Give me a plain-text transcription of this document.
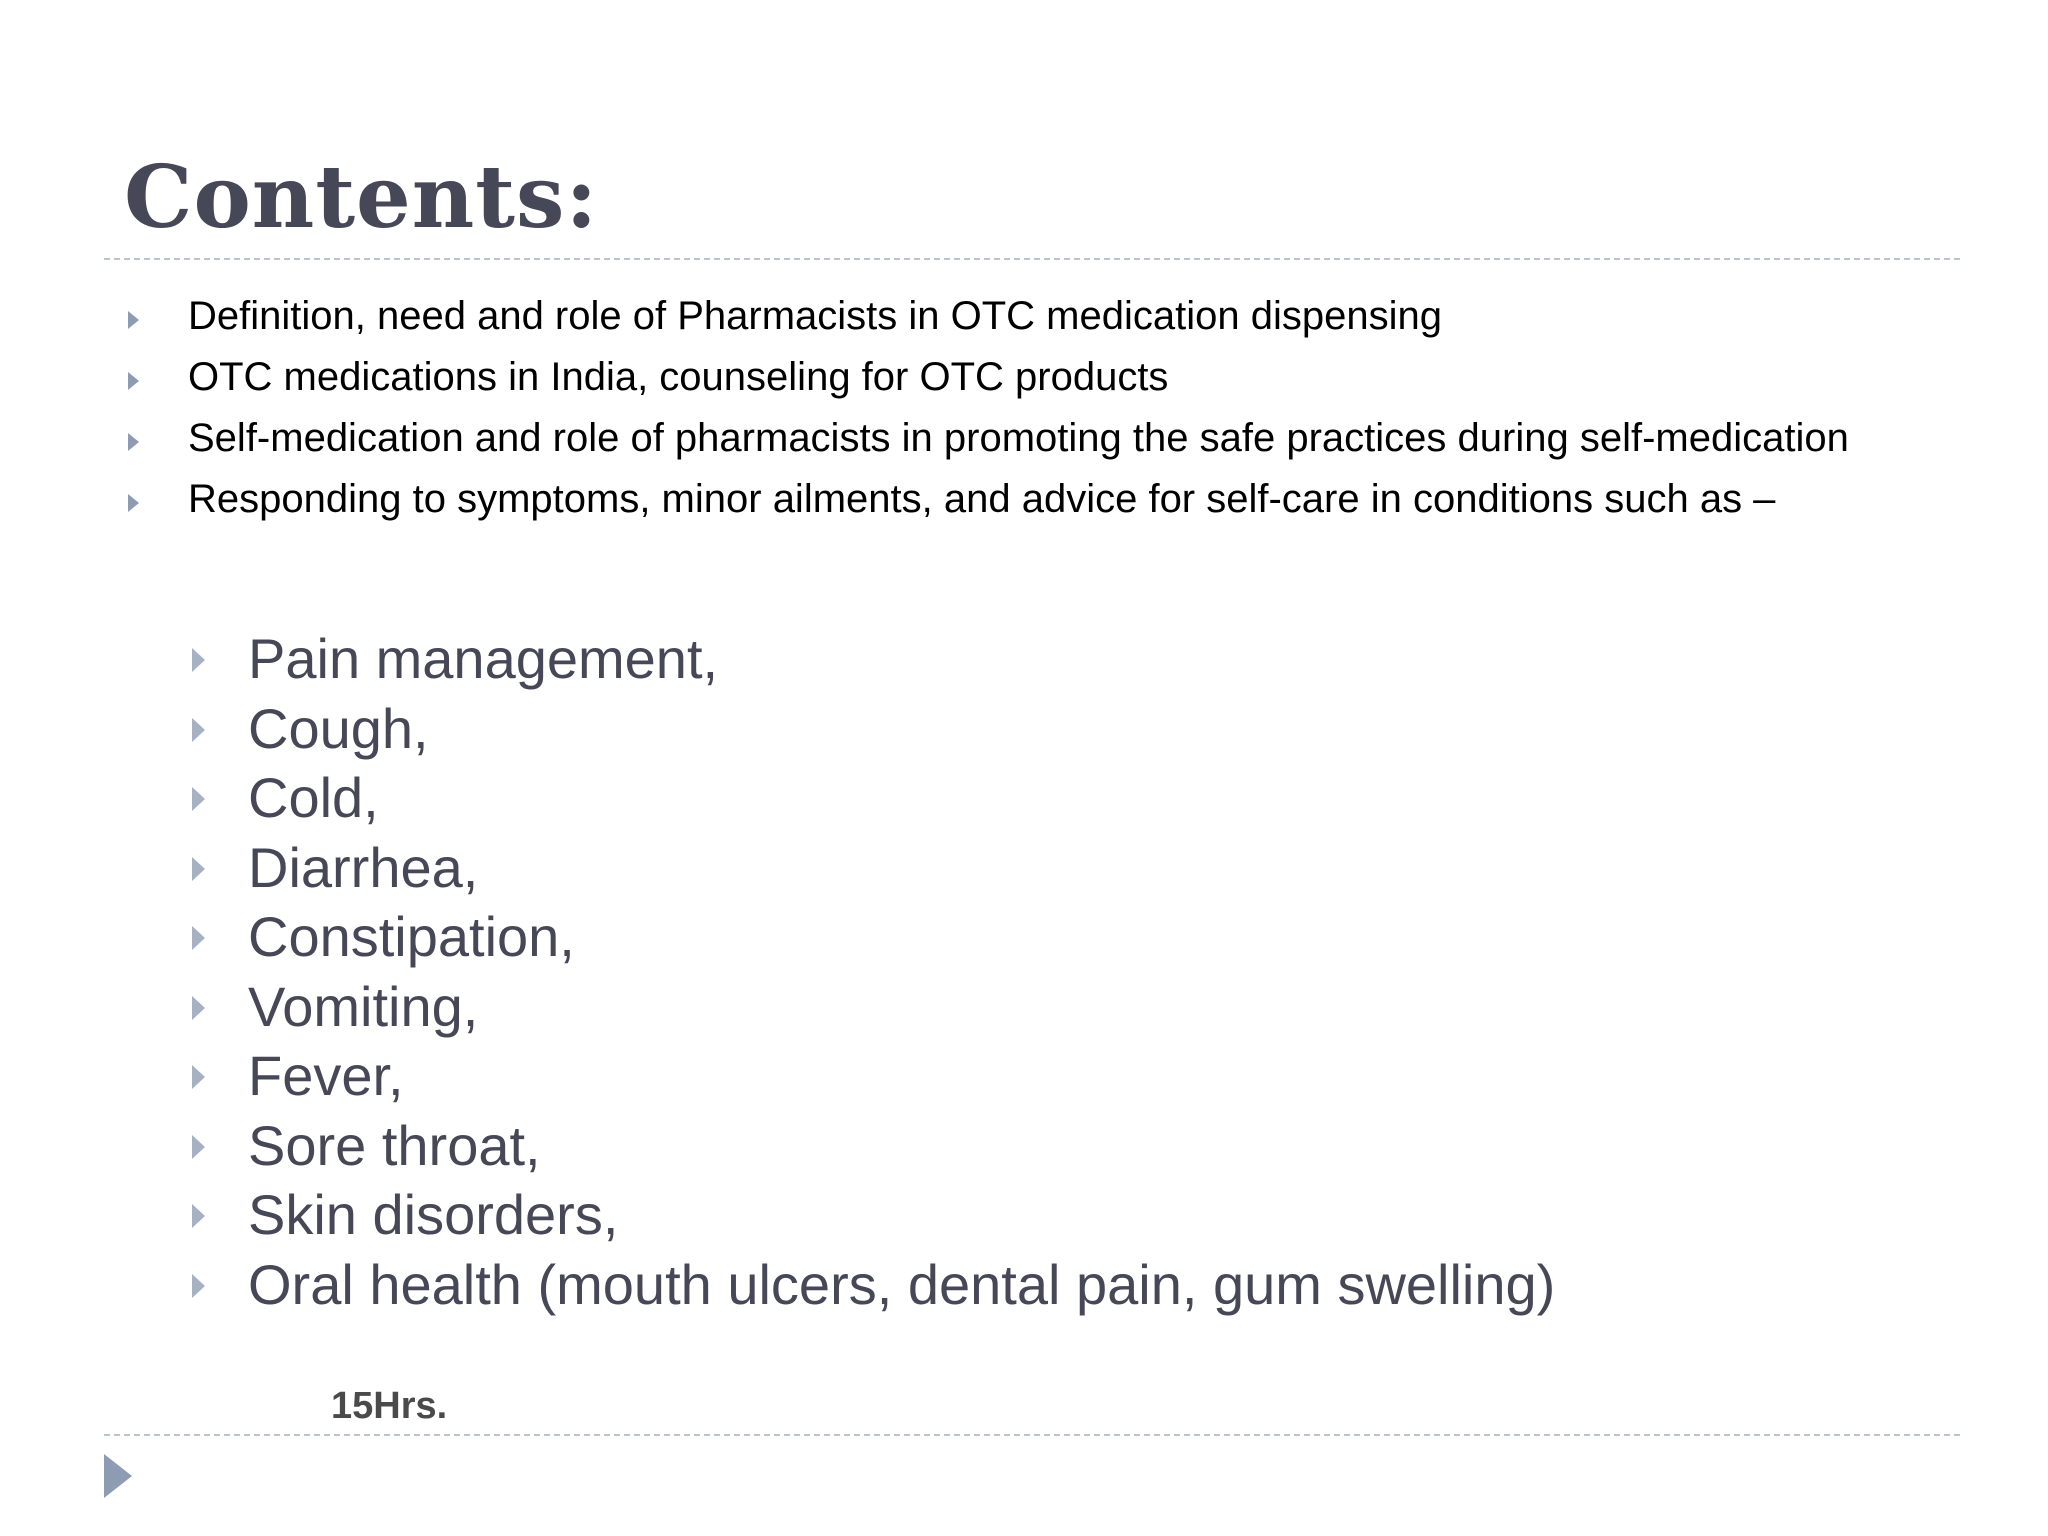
Contents:
Definition, need and role of Pharmacists in OTC medication dispensing
OTC medications in India, counseling for OTC products
Self-medication and role of pharmacists in promoting the safe practices during self-medication
Responding to symptoms, minor ailments, and advice for self-care in conditions such as –
Pain management,
Cough,
Cold,
Diarrhea,
Constipation,
Vomiting,
Fever,
Sore throat,
Skin disorders,
Oral health (mouth ulcers, dental pain, gum swelling)
15Hrs.
